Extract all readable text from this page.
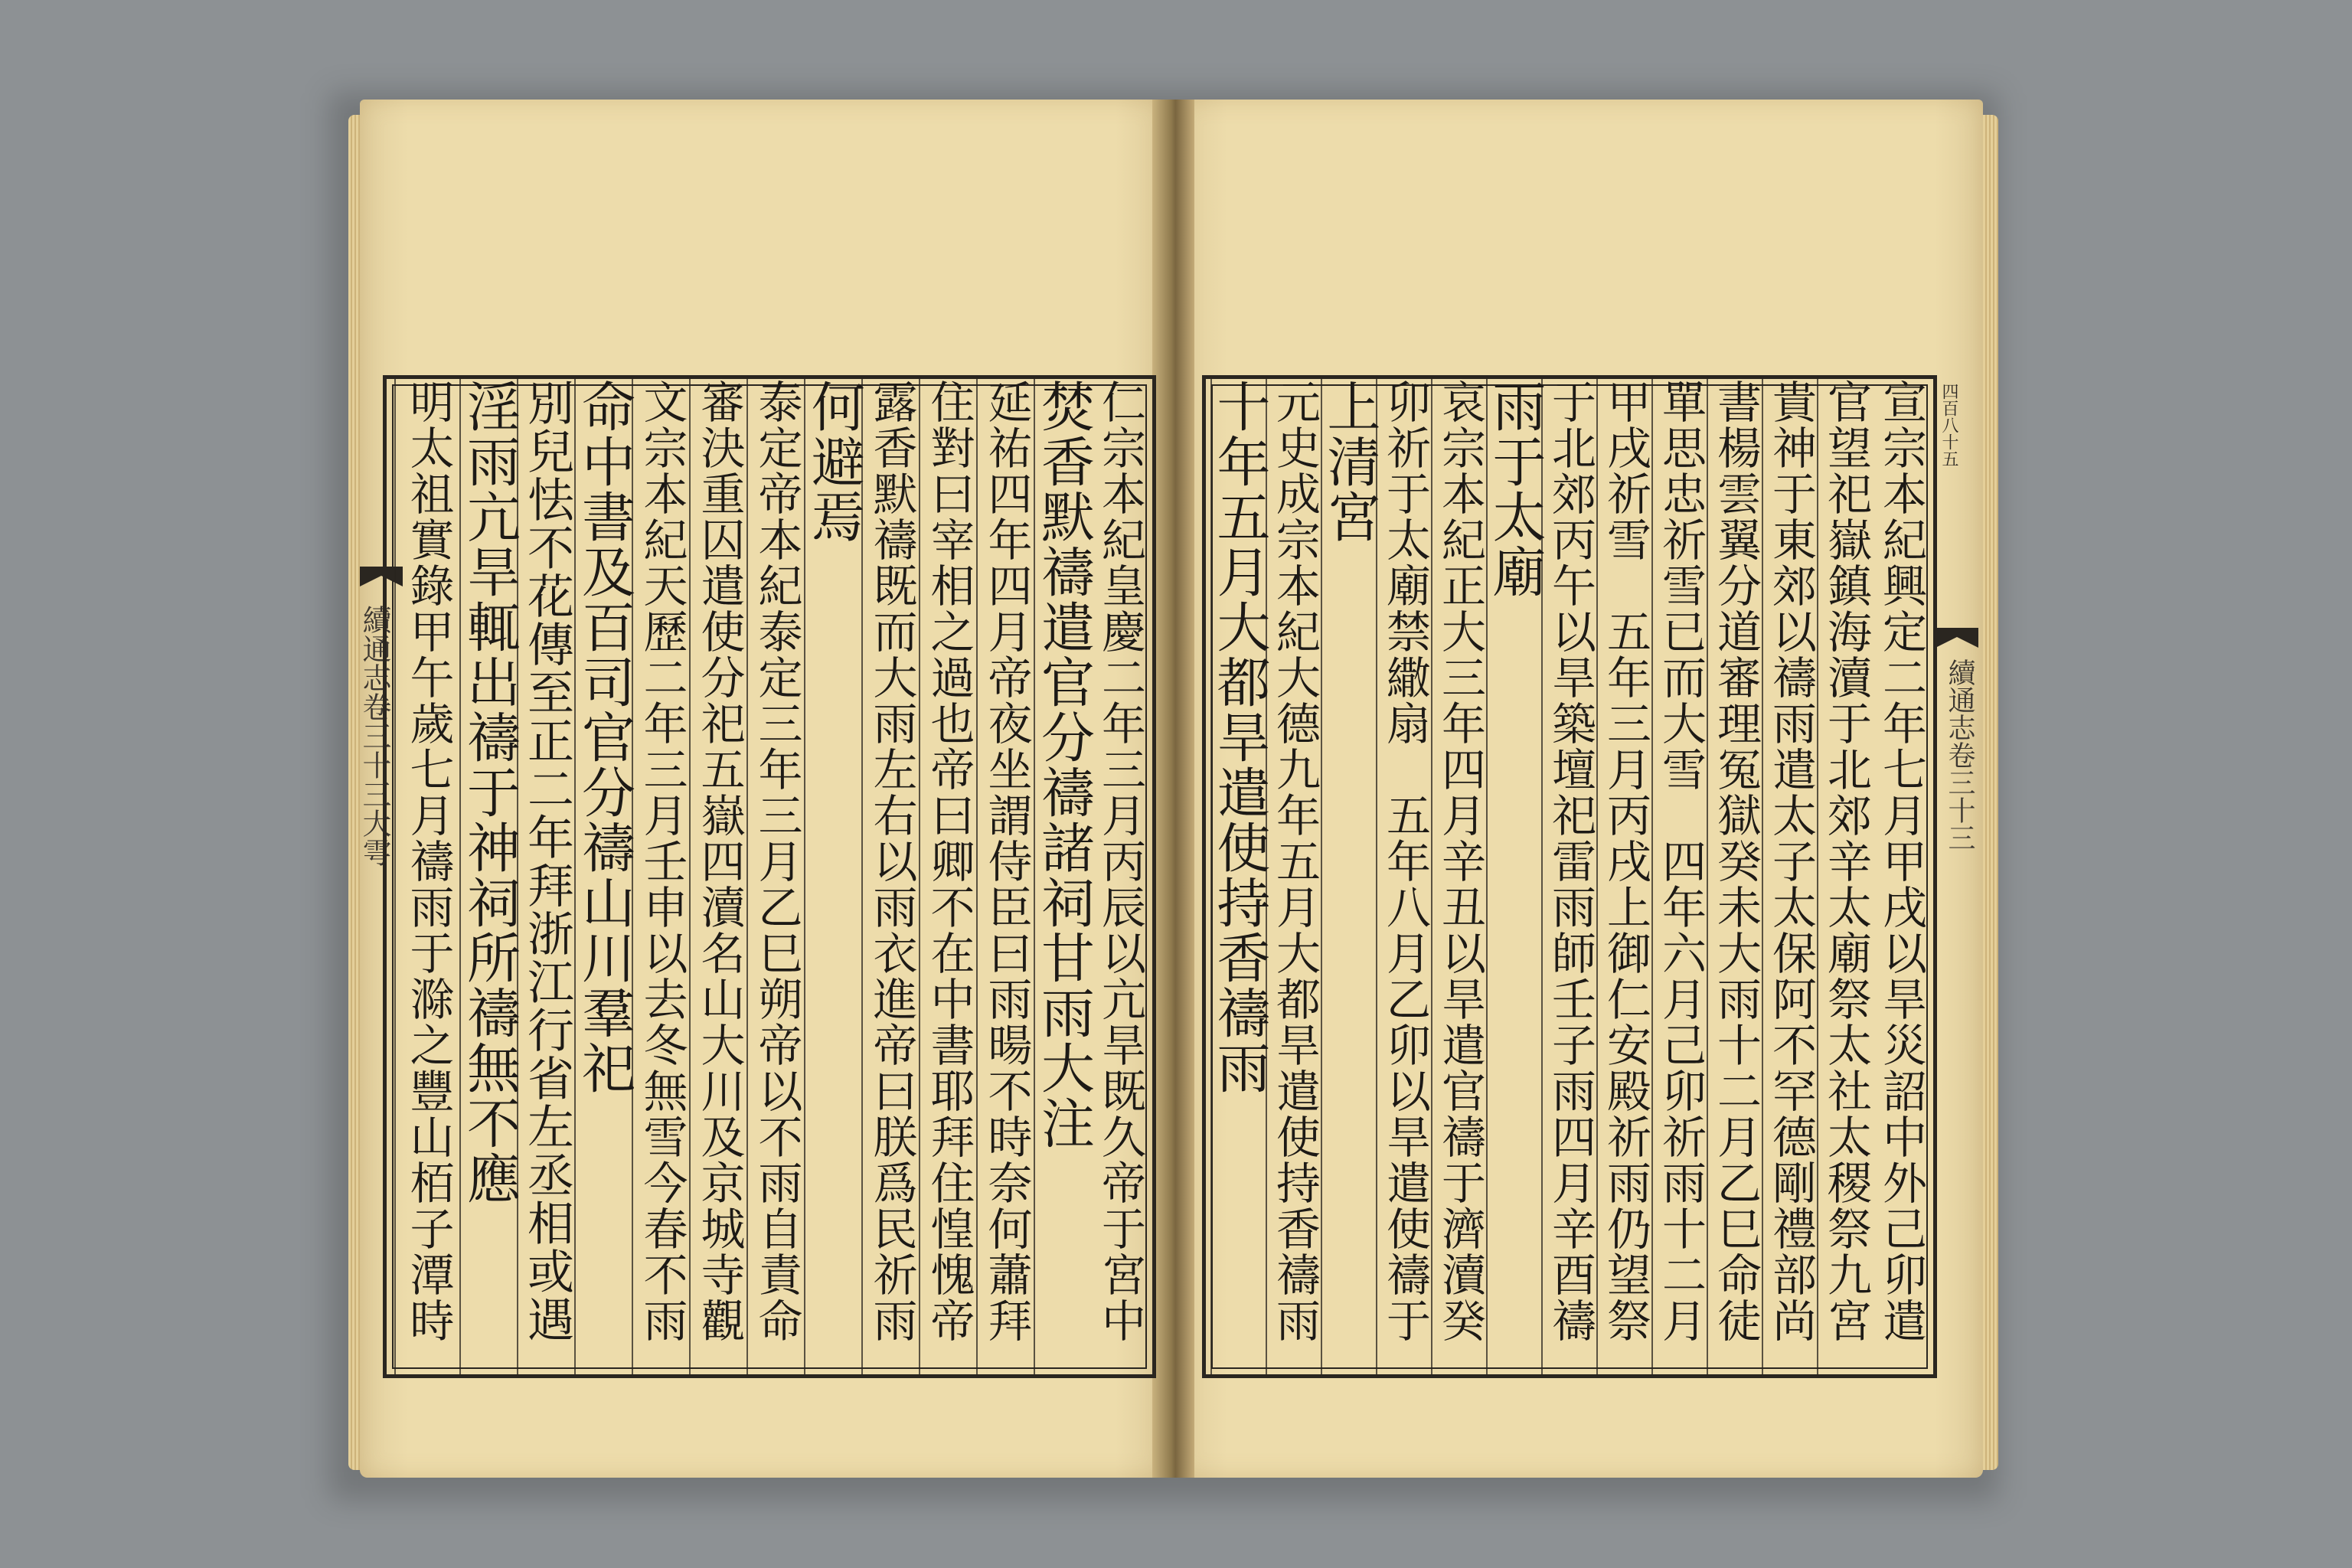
續通志卷三十三大雩
四百八十五
續通志卷三十三
仁宗本紀皇慶二年三月丙辰以亢旱既久帝于宮中
焚香默禱遣官分禱諸祠甘雨大注
延祐四年四月帝夜坐謂侍臣曰雨暘不時奈何蕭拜
住對曰宰相之過也帝曰卿不在中書耶拜住惶愧帝
露香默禱既而大雨左右以雨衣進帝曰朕爲民祈雨
何避焉
泰定帝本紀泰定三年三月乙巳朔帝以不雨自責命
審決重囚遣使分祀五嶽四瀆名山大川及京城寺觀
文宗本紀天歷二年三月壬申以去冬無雪今春不雨
命中書及百司官分禱山川羣祀
別兒怯不花傳至正二年拜浙江行省左丞相或遇
淫雨亢旱輒出禱于神祠所禱無不應
明太祖實錄甲午歲七月禱雨于滁之豐山栢子潭時	宣宗本紀興定二年七月甲戌以旱災詔中外己卯遣
官望祀嶽鎮海瀆于北郊辛太廟祭太社太稷祭九宮
貴神于東郊以禱雨遣太子太保阿不罕德剛禮部尚
書楊雲翼分道審理冤獄癸未大雨十二月乙巳命徒
單思忠祈雪已而大雪　四年六月己卯祈雨十二月
甲戌祈雪　五年三月丙戌上御仁安殿祈雨仍望祭
于北郊丙午以旱築壇祀雷雨師壬子雨四月辛酉禱
雨于太廟
哀宗本紀正大三年四月辛丑以旱遣官禱于濟瀆癸
卯祈于太廟禁繖扇　五年八月乙卯以旱遣使禱于
上清宮
元史成宗本紀大德九年五月大都旱遣使持香禱雨
十年五月大都旱遣使持香禱雨
